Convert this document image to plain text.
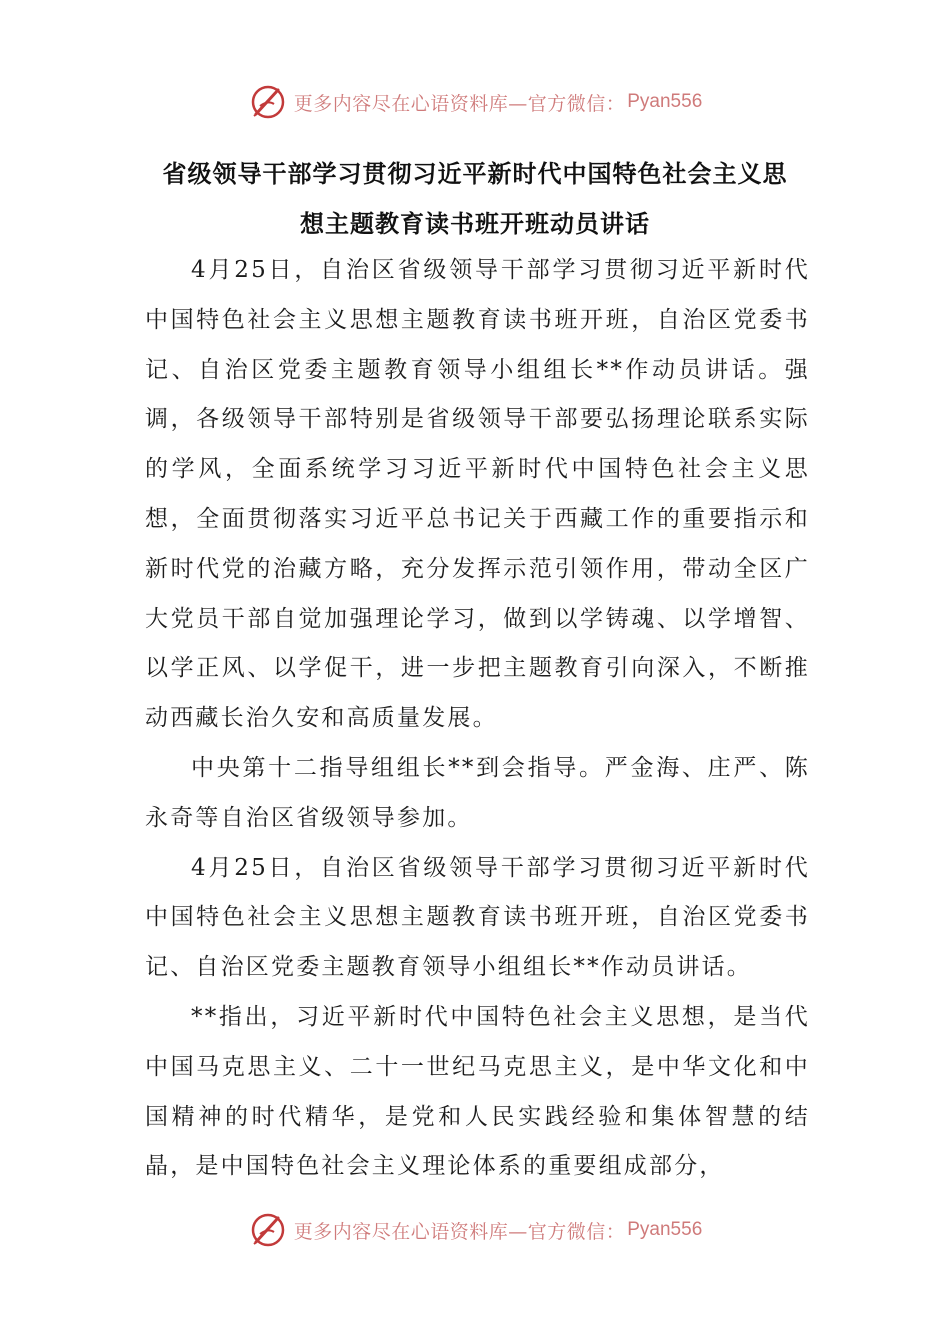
更多内容尽在心语资料库—官方微信： Pyan556
省级领导干部学习贯彻习近平新时代中国特色社会主义思
想主题教育读书班开班动员讲话

4月25日，自治区省级领导干部学习贯彻习近平新时代中国特色社会主义思想主题教育读书班开班，自治区党委书记、自治区党委主题教育领导小组组长**作动员讲话。强调，各级领导干部特别是省级领导干部要弘扬理论联系实际的学风，全面系统学习习近平新时代中国特色社会主义思想，全面贯彻落实习近平总书记关于西藏工作的重要指示和新时代党的治藏方略，充分发挥示范引领作用，带动全区广大党员干部自觉加强理论学习，做到以学铸魂、以学增智、以学正风、以学促干，进一步把主题教育引向深入，不断推动西藏长治久安和高质量发展。

中央第十二指导组组长**到会指导。严金海、庄严、陈永奇等自治区省级领导参加。

4月25日，自治区省级领导干部学习贯彻习近平新时代中国特色社会主义思想主题教育读书班开班，自治区党委书记、自治区党委主题教育领导小组组长**作动员讲话。

**指出，习近平新时代中国特色社会主义思想，是当代中国马克思主义、二十一世纪马克思主义，是中华文化和中国精神的时代精华，是党和人民实践经验和集体智慧的结晶，是中国特色社会主义理论体系的重要组成部分，

更多内容尽在心语资料库—官方微信： Pyan556
